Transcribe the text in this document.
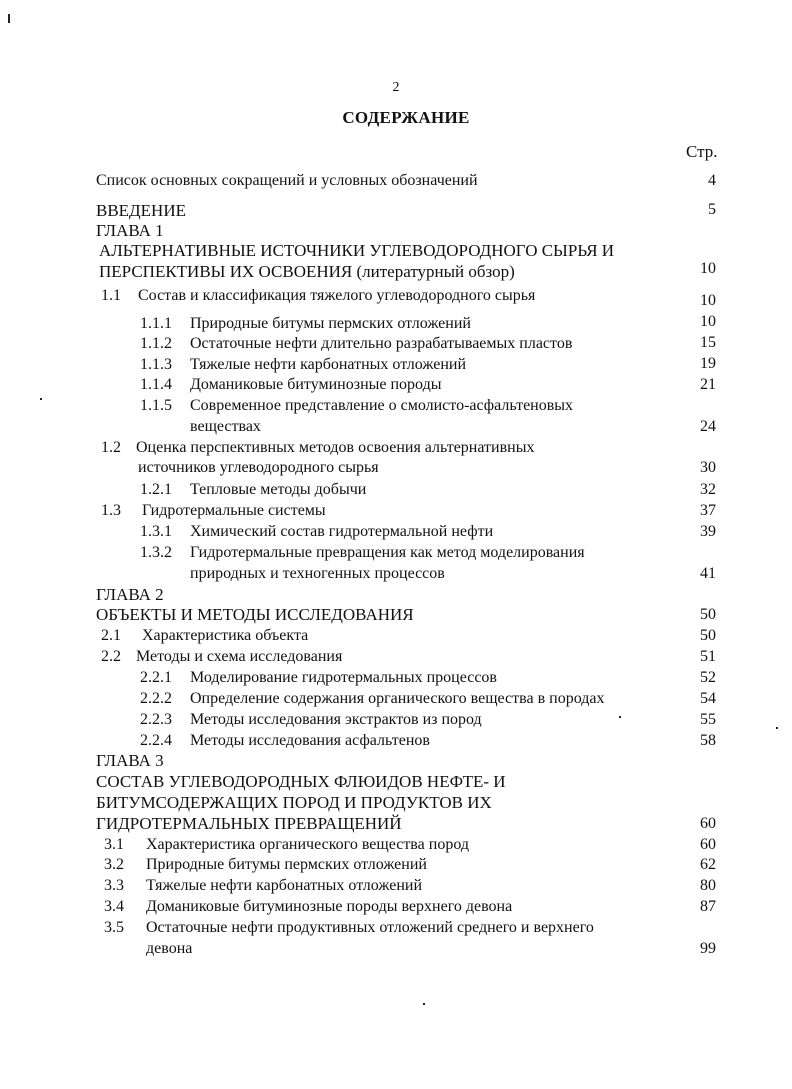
2
СОДЕРЖАНИЕ
Стр.
Список основных сокращений и условных обозначений	4
ВВЕДЕНИЕ	5
ГЛАВА 1
АЛЬТЕРНАТИВНЫЕ ИСТОЧНИКИ УГЛЕВОДОРОДНОГО СЫРЬЯ И
ПЕРСПЕКТИВЫ ИХ ОСВОЕНИЯ (литературный обзор)	10
1.1 Состав и классификация тяжелого углеводородного сырья	10
1.1.1 Природные битумы пермских отложений	10
1.1.2 Остаточные нефти длительно разрабатываемых пластов	15
1.1.3 Тяжелые нефти карбонатных отложений	19
1.1.4 Доманиковые битуминозные породы	21
1.1.5 Современное представление о смолисто-асфальтеновых
веществах	24
1.2 Оценка перспективных методов освоения альтернативных
источников углеводородного сырья	30
1.2.1 Тепловые методы добычи	32
1.3 Гидротермальные системы	37
1.3.1 Химический состав гидротермальной нефти	39
1.3.2 Гидротермальные превращения как метод моделирования
природных и техногенных процессов	41
ГЛАВА 2
ОБЪЕКТЫ И МЕТОДЫ ИССЛЕДОВАНИЯ	50
2.1 Характеристика объекта	50
2.2 Методы и схема исследования	51
2.2.1 Моделирование гидротермальных процессов	52
2.2.2 Определение содержания органического вещества в породах	54
2.2.3 Методы исследования экстрактов из пород	55
2.2.4 Методы исследования асфальтенов	58
ГЛАВА 3
СОСТАВ УГЛЕВОДОРОДНЫХ ФЛЮИДОВ НЕФТЕ- И
БИТУМСОДЕРЖАЩИХ ПОРОД И ПРОДУКТОВ ИХ
ГИДРОТЕРМАЛЬНЫХ ПРЕВРАЩЕНИЙ	60
3.1 Характеристика органического вещества пород	60
3.2 Природные битумы пермских отложений	62
3.3 Тяжелые нефти карбонатных отложений	80
3.4 Доманиковые битуминозные породы верхнего девона	87
3.5 Остаточные нефти продуктивных отложений среднего и верхнего
девона	99
